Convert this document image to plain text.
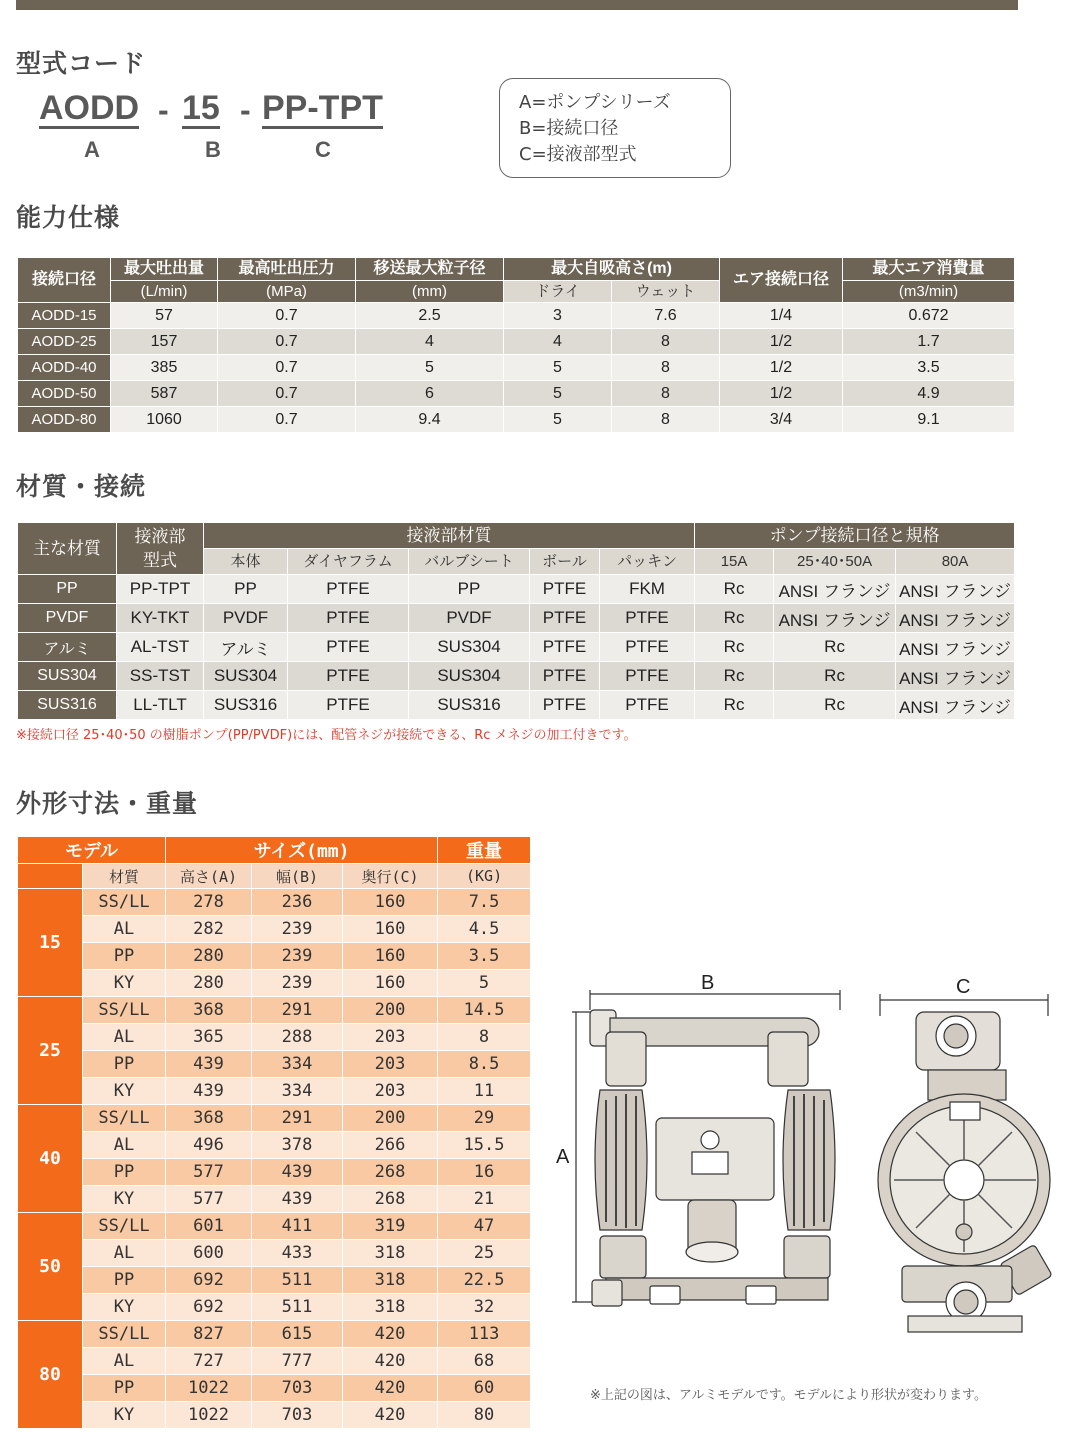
型式コード
AODD - 15 - PP-TPT
A	B	C
A=ポンプシリーズ
B=接続口径
C=接液部型式
能力仕様
接続口径	最大吐出量	最高吐出圧力	移送最大粒子径	最大自吸高さ(m)		エア接続口径	最大エア消費量
	(L/min)	(MPa)	(mm)	ドライ	ウェット		(m3/min)
AODD-15	57	0.7	2.5	3	7.6	1/4	0.672
AODD-25	157	0.7	4	4	8	1/2	1.7
AODD-40	385	0.7	5	5	8	1/2	3.5
AODD-50	587	0.7	6	5	8	1/2	4.9
AODD-80	1060	0.7	9.4	5	8	3/4	9.1
材質・接続
主な材質	接液部型式	接液部材質					ポンプ接続口径と規格		
		本体	ダイヤフラム	バルブシート	ボール	パッキン	15A	25･40･50A	80A
PP	PP-TPT	PP	PTFE	PP	PTFE	FKM	Rc	ANSI フランジ	ANSI フランジ
PVDF	KY-TKT	PVDF	PTFE	PVDF	PTFE	PTFE	Rc	ANSI フランジ	ANSI フランジ
アルミ	AL-TST	アルミ	PTFE	SUS304	PTFE	PTFE	Rc	Rc	ANSI フランジ
SUS304	SS-TST	SUS304	PTFE	SUS304	PTFE	PTFE	Rc	Rc	ANSI フランジ
SUS316	LL-TLT	SUS316	PTFE	SUS316	PTFE	PTFE	Rc	Rc	ANSI フランジ
※接続口径 25･40･50 の樹脂ポンプ(PP/PVDF)には、配管ネジが接続できる、Rc メネジの加工付きです。
外形寸法・重量
モデル		サイズ(mm)			重量
	材質	高さ(A)	幅(B)	奥行(C)	(KG)
15	SS/LL	278	236	160	7.5
	AL	282	239	160	4.5
	PP	280	239	160	3.5
	KY	280	239	160	5
25	SS/LL	368	291	200	14.5
	AL	365	288	203	8
	PP	439	334	203	8.5
	KY	439	334	203	11
40	SS/LL	368	291	200	29
	AL	496	378	266	15.5
	PP	577	439	268	16
	KY	577	439	268	21
50	SS/LL	601	411	319	47
	AL	600	433	318	25
	PP	692	511	318	22.5
	KY	692	511	318	32
80	SS/LL	827	615	420	113
	AL	727	777	420	68
	PP	1022	703	420	60
	KY	1022	703	420	80
B
A
C
※上記の図は、アルミモデルです。モデルにより形状が変わります。
